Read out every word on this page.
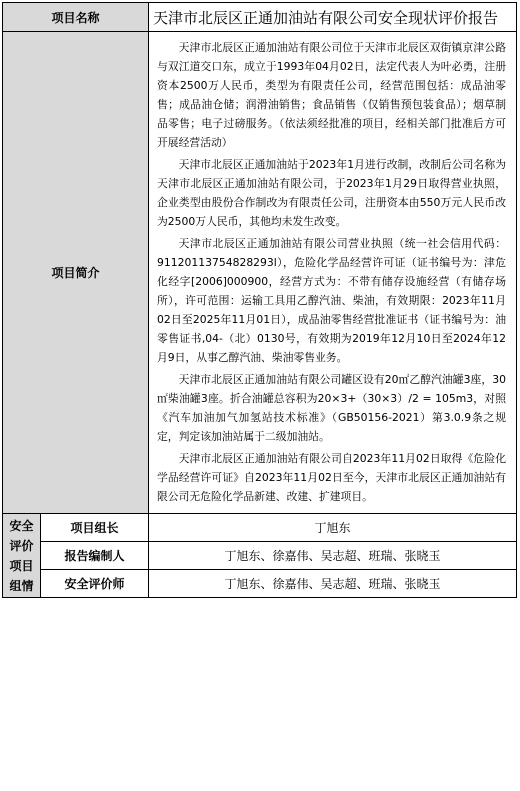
项目名称		天津市北辰区正通加油站有限公司安全现状评价报告
项目简介		天津市北辰区正通加油站有限公司位于天津市北辰区双街镇京津公路与双江道交口东，成立于1993年04月02日，法定代表人为叶必勇，注册资本2500万人民币，类型为有限责任公司，经营范围包括：成品油零售；成品油仓储；润滑油销售；食品销售（仅销售预包装食品）；烟草制品零售；电子过磅服务。（依法须经批准的项目，经相关部门批准后方可开展经营活动）

天津市北辰区正通加油站于2023年1月进行改制，改制后公司名称为天津市北辰区正通加油站有限公司，于2023年1月29日取得营业执照，企业类型由股份合作制改为有限责任公司，注册资本由550万元人民币改为2500万人民币，其他均未发生改变。

天津市北辰区正通加油站有限公司营业执照（统一社会信用代码：91120113754828293l），危险化学品经营许可证（证书编号为：津危化经字[2006]000900，经营方式为：不带有储存设施经营（有储存场所），许可范围：运输工具用乙醇汽油、柴油，有效期限：2023年11月02日至2025年11月01日），成品油零售经营批准证书（证书编号为：油零售证书,04-（北）0130号，有效期为2019年12月10日至2024年12月9日，从事乙醇汽油、柴油零售业务。

天津市北辰区正通加油站有限公司罐区设有20㎡乙醇汽油罐3座，30㎡柴油罐3座。折合油罐总容积为20×3+（30×3）/2 = 105m3，对照《汽车加油加气加氢站技术标准》（GB50156-2021）第3.0.9条之规定，判定该加油站属于二级加油站。

天津市北辰区正通加油站有限公司自2023年11月02日取得《危险化学品经营许可证》自2023年11月02日至今，天津市北辰区正通加油站有限公司无危险化学品新建、改建、扩建项目。

安全
评价
项目
组情	项目组长	丁旭东
	报告编制人	丁旭东、徐嘉伟、吴志超、班瑞、张晓玉
	安全评价师	丁旭东、徐嘉伟、吴志超、班瑞、张晓玉
